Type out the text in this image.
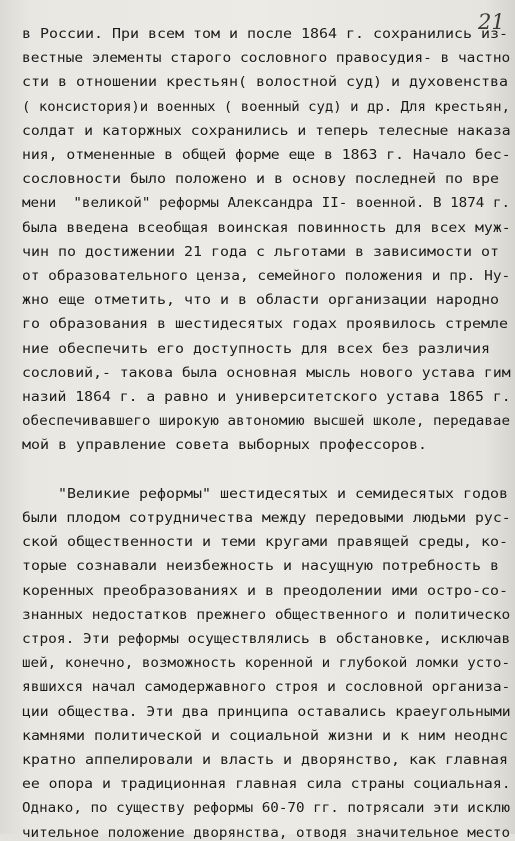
21
в России. При всем том и после 1864 г. сохранились из-
вестные элементы старого сословного правосудия- в частно
сти в отношении крестьян( волостной суд) и духовенства
( консистория)и военных ( военный суд) и др. Для крестьян,
солдат и каторжных сохранились и теперь телесные наказа
ния, отмененные в общей форме еще в 1863 г. Начало бес-
сословности было положено и в основу последней по вре
мени  "великой" реформы Александра II- военной. В 1874 г.
была введена всеобщая воинская повинность для всех муж-
чин по достижении 21 года с льготами в зависимости от
от образовательного ценза, семейного положения и пр. Ну-
жно еще отметить, что и в области организации народно
го образования в шестидесятых годах проявилось стремле
ние обеспечить его доступность для всех без различия
сословий,- такова была основная мысль нового устава гим
назий 1864 г. а равно и университетского устава 1865 г.
обеспечивавшего широкую автономию высшей школе, передавае
мой в управление совета выборных профессоров.
"Великие реформы" шестидесятых и семидесятых годов
были плодом сотрудничества между передовыми людьми рус-
ской общественности и теми кругами правящей среды, ко-
торые сознавали неизбежность и насущную потребность в
коренных преобразованиях и в преодолении ими остро-со-
знанных недостатков прежнего общественного и политическо
строя. Эти реформы осуществлялись в обстановке, исключав
шей, конечно, возможность коренной и глубокой ломки усто-
явшихся начал самодержавного строя и сословной организа-
ции общества. Эти два принципа оставались краеугольными
камнями политической и социальной жизни и к ним неоднс
кратно аппелировали и власть и дворянство, как главная
ее опора и традиционная главная сила страны социальная.
Однако, по существу реформы 60-70 гг. потрясали эти исклю
чительное положение дворянства, отводя значительное место
